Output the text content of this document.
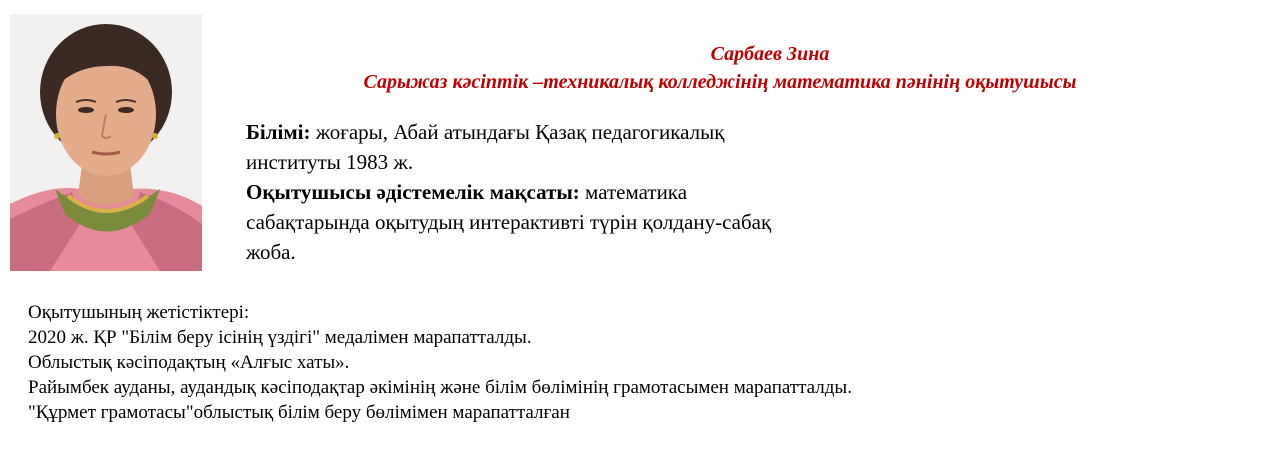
Сарбаев Зина
Сарыжаз кәсіптік –техникалық колледжінің математика пәнінің оқытушысы

Білімі: жоғары, Абай атындағы Қазақ педагогикалық

институты 1983 ж.

Оқытушысы әдістемелік мақсаты: математика

сабақтарында оқытудың интерактивті түрін қолдану-сабақ

жоба.

Оқытушының жетістіктері:
2020 ж. ҚР "Білім беру ісінің үздігі" медалімен марапатталды.
Облыстық кәсіподақтың «Алғыс хаты».
Райымбек ауданы, аудандық кәсіподақтар әкімінің және білім бөлімінің грамотасымен марапатталды.
"Құрмет грамотасы"облыстық білім беру бөлімімен марапатталған
